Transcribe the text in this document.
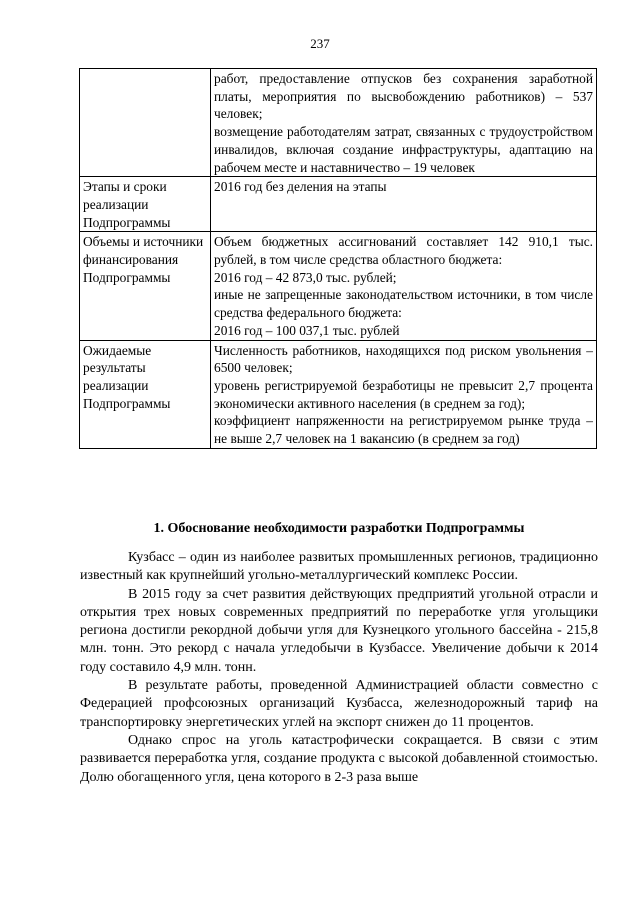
237

	работ, предоставление отпусков без сохранения заработной платы, мероприятия по высвобождению работников) – 537 человек;
возмещение работодателям затрат, связанных с трудоустройством инвалидов, включая создание инфраструктуры, адаптацию на рабочем месте и наставничество – 19 человек

Этапы и сроки реализации Подпрограммы	2016 год без деления на этапы

Объемы и источники финансирования Подпрограммы	Объем бюджетных ассигнований составляет 142 910,1 тыс. рублей, в том числе средства областного бюджета:
2016 год – 42 873,0 тыс. рублей;
иные не запрещенные законодательством источники, в том числе средства федерального бюджета:
2016 год – 100 037,1 тыс. рублей

Ожидаемые результаты реализации Подпрограммы	Численность работников, находящихся под риском увольнения – 6500 человек;
уровень регистрируемой безработицы не превысит 2,7 процента экономически активного населения (в среднем за год);
коэффициент напряженности на регистрируемом рынке труда – не выше 2,7 человек на 1 вакансию (в среднем за год)
1. Обоснование необходимости разработки Подпрограммы

Кузбасс – один из наиболее развитых промышленных регионов, традиционно известный как крупнейший угольно-металлургический комплекс России.

В 2015 году за счет развития действующих предприятий угольной отрасли и открытия трех новых современных предприятий по переработке угля угольщики региона достигли рекордной добычи угля для Кузнецкого угольного бассейна - 215,8 млн. тонн. Это рекорд с начала угледобычи в Кузбассе. Увеличение добычи к 2014 году составило 4,9 млн. тонн.

В результате работы, проведенной Администрацией области совместно с Федерацией профсоюзных организаций Кузбасса, железнодорожный тариф на транспортировку энергетических углей на экспорт снижен до 11 процентов.

Однако спрос на уголь катастрофически сокращается. В связи с этим развивается переработка угля, создание продукта с высокой добавленной стоимостью. Долю обогащенного угля, цена которого в 2-3 раза выше
